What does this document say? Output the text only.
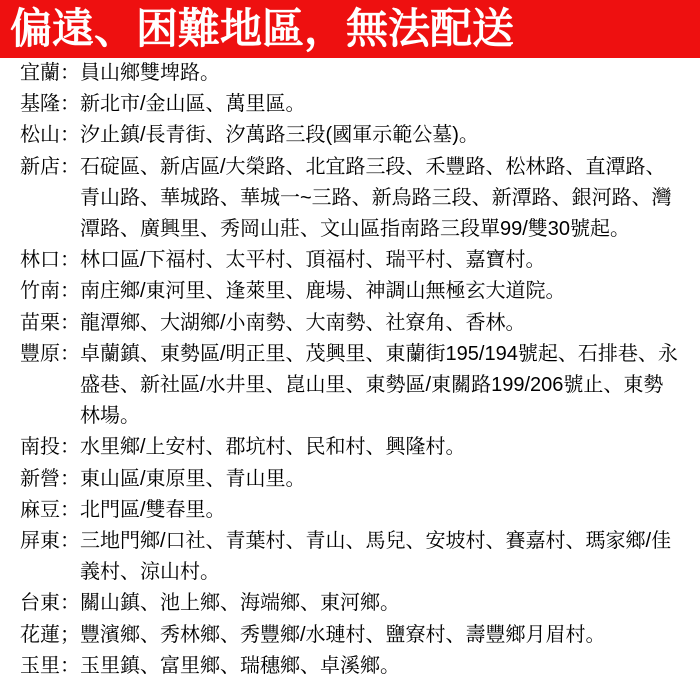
偏遠、困難地區，無法配送
宜蘭： 員山鄉雙埤路。
基隆： 新北市/金山區、萬里區。
松山： 汐止鎮/長青街、汐萬路三段(國軍示範公墓)。
新店： 石碇區、新店區/大榮路、北宜路三段、禾豐路、松林路、直潭路、
青山路、華城路、華城一~三路、新烏路三段、新潭路、銀河路、灣
潭路、廣興里、秀岡山莊、文山區指南路三段單99/雙30號起。
林口： 林口區/下福村、太平村、頂福村、瑞平村、嘉寶村。
竹南： 南庄鄉/東河里、逢萊里、鹿場、神調山無極玄大道院。
苗栗： 龍潭鄉、大湖鄉/小南勢、大南勢、社寮角、香林。
豐原： 卓蘭鎮、東勢區/明正里、茂興里、東蘭街195/194號起、石排巷、永
盛巷、新社區/水井里、崑山里、東勢區/東關路199/206號止、東勢
林場。
南投： 水里鄉/上安村、郡坑村、民和村、興隆村。
新營： 東山區/東原里、青山里。
麻豆： 北門區/雙春里。
屏東： 三地門鄉/口社、青葉村、青山、馬兒、安坡村、賽嘉村、瑪家鄉/佳
義村、涼山村。
台東： 關山鎮、池上鄉、海端鄉、東河鄉。
花蓮； 豐濱鄉、秀林鄉、秀豐鄉/水璉村、鹽寮村、壽豐鄉月眉村。
玉里： 玉里鎮、富里鄉、瑞穗鄉、卓溪鄉。
